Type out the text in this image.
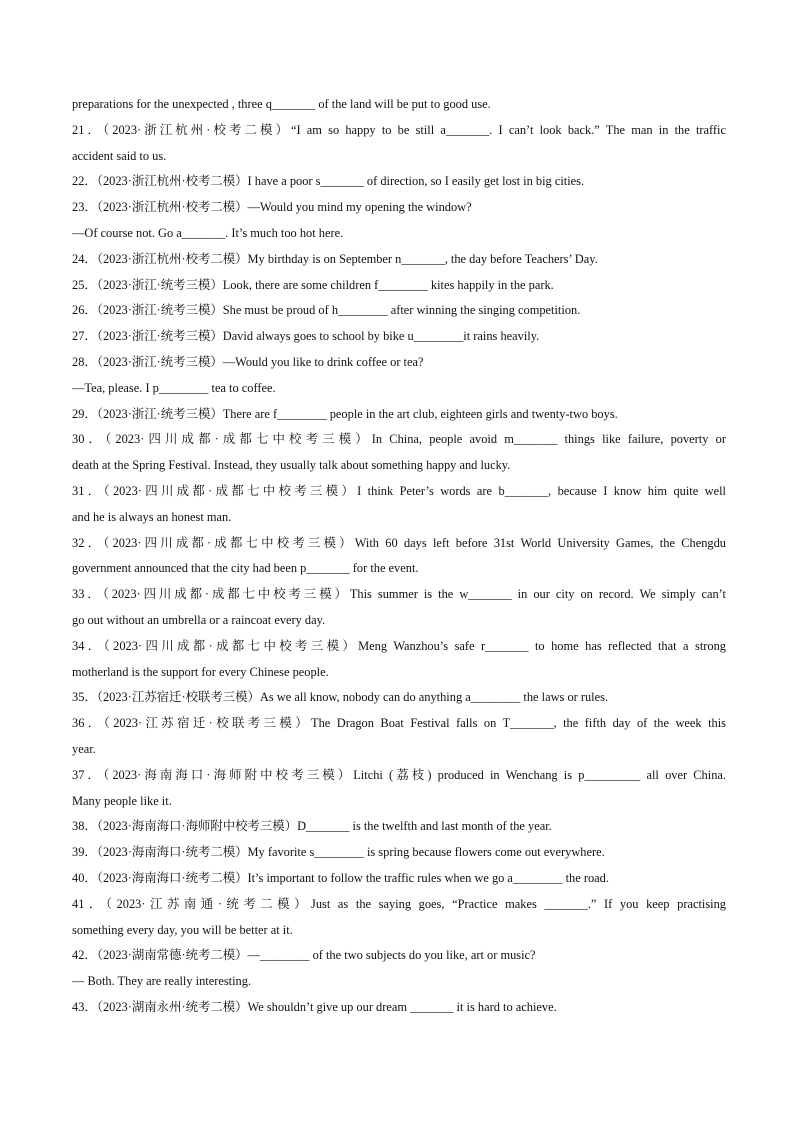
preparations for the unexpected , three q_______ of the land will be put to good use.
21．（2023·浙江杭州·校考二模）“I am so happy to be still a_______. I can’t look back.” The man in the traffic
accident said to us.
22．（2023·浙江杭州·校考二模）I have a poor s_______ of direction, so I easily get lost in big cities.
23．（2023·浙江杭州·校考二模）—Would you mind my opening the window?
—Of course not. Go a_______. It’s much too hot here.
24．（2023·浙江杭州·校考二模）My birthday is on September n_______, the day before Teachers’ Day.
25．（2023·浙江·统考三模）Look, there are some children f________ kites happily in the park.
26．（2023·浙江·统考三模）She must be proud of h________ after winning the singing competition.
27．（2023·浙江·统考三模）David always goes to school by bike u________it rains heavily.
28．（2023·浙江·统考三模）—Would you like to drink coffee or tea?
—Tea, please. I p________ tea to coffee.
29．（2023·浙江·统考三模）There are f________ people in the art club, eighteen girls and twenty-two boys.
30．（2023·四川成都·成都七中校考三模）In China, people avoid m_______ things like failure, poverty or
death at the Spring Festival. Instead, they usually talk about something happy and lucky.
31．（2023·四川成都·成都七中校考三模）I think Peter’s words are b_______, because I know him quite well
and he is always an honest man.
32．（2023·四川成都·成都七中校考三模）With 60 days left before 31st World University Games, the Chengdu
government announced that the city had been p_______ for the event.
33．（2023·四川成都·成都七中校考三模）This summer is the w_______ in our city on record. We simply can’t
go out without an umbrella or a raincoat every day.
34．（2023·四川成都·成都七中校考三模）Meng Wanzhou’s safe r_______ to home has reflected that a strong
motherland is the support for every Chinese people.
35．（2023·江苏宿迁·校联考三模）As we all know, nobody can do anything a________ the laws or rules.
36．（2023·江苏宿迁·校联考三模）The Dragon Boat Festival falls on T_______, the fifth day of the week this
year.
37．（2023·海南海口·海师附中校考三模）Litchi (荔枝) produced in Wenchang is p_________ all over China.
Many people like it.
38．（2023·海南海口·海师附中校考三模）D_______ is the twelfth and last month of the year.
39．（2023·海南海口·统考二模）My favorite s________ is spring because flowers come out everywhere.
40．（2023·海南海口·统考二模）It’s important to follow the traffic rules when we go a________ the road.
41．（2023·江苏南通·统考二模）Just as the saying goes, “Practice makes _______.” If you keep practising
something every day, you will be better at it.
42．（2023·湖南常德·统考二模）—________ of the two subjects do you like, art or music?
— Both. They are really interesting.
43．（2023·湖南永州·统考二模）We shouldn’t give up our dream _______ it is hard to achieve.
